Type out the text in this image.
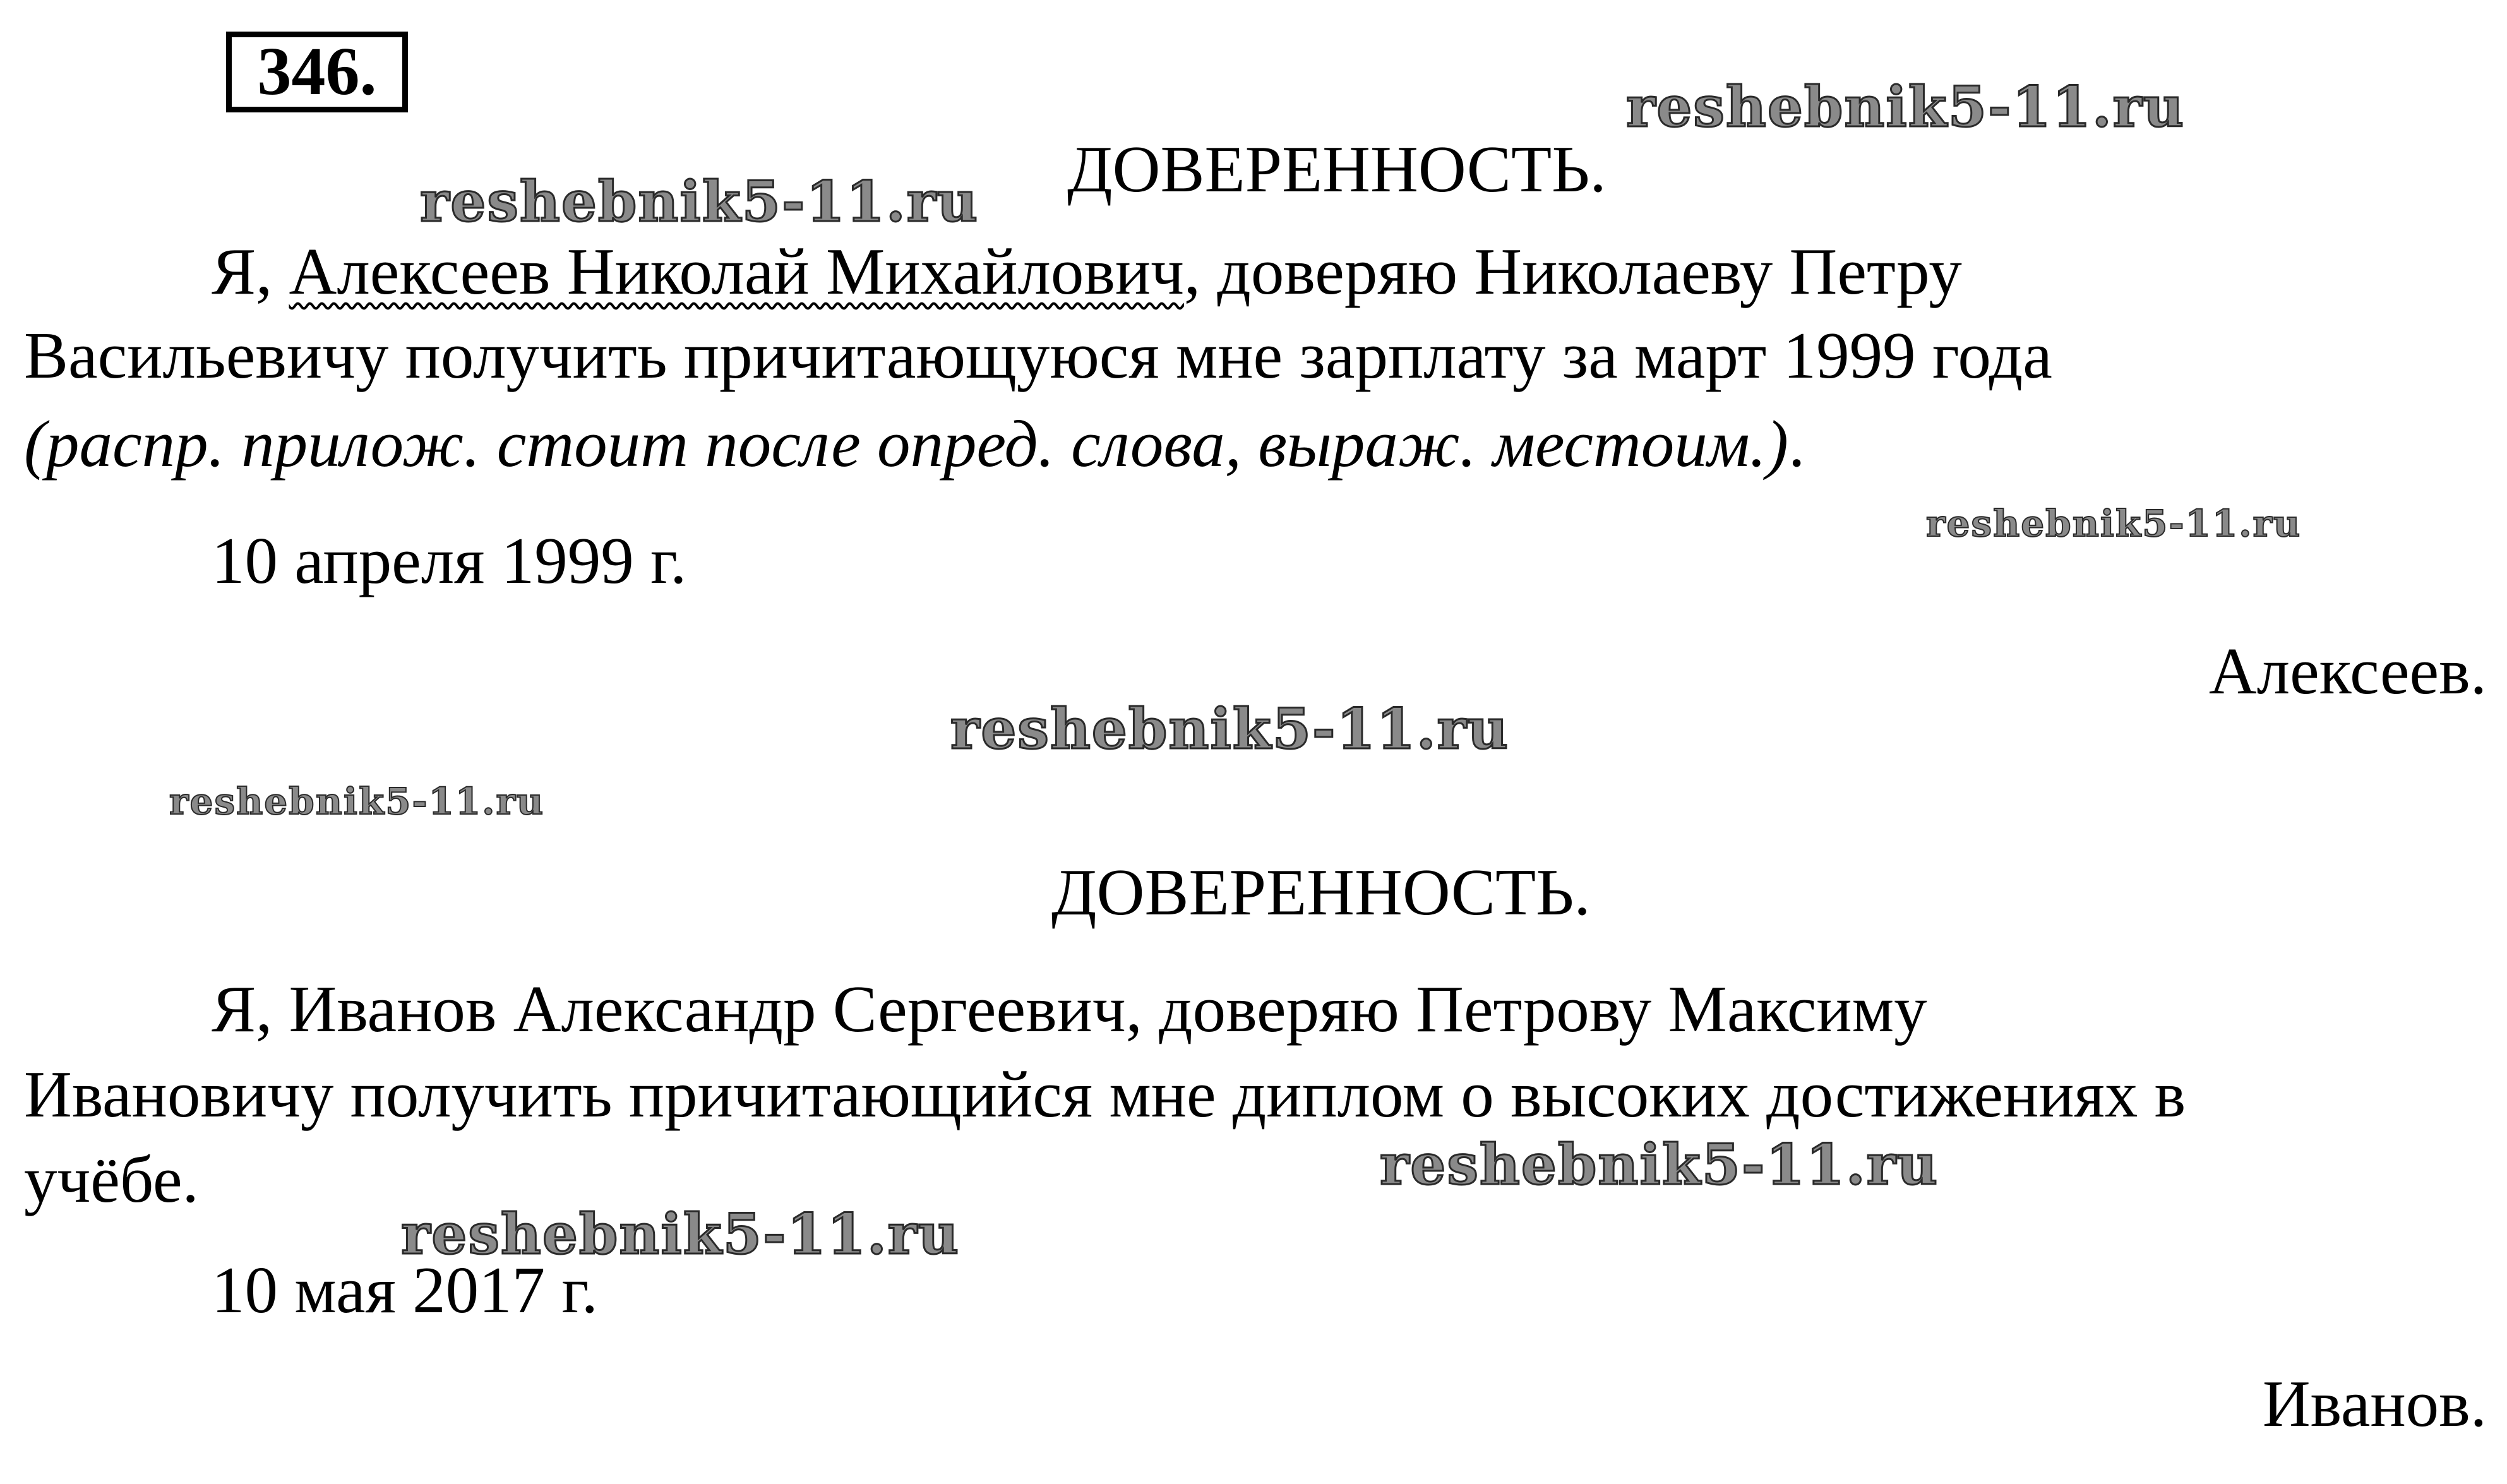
346.
ДОВЕРЕННОСТЬ.
Я, Алексеев Николай Михайлович, доверяю Николаеву Петру
Васильевичу получить причитающуюся мне зарплату за март 1999 года
(распр. прилож. стоит после опред. слова, выраж. местоим.).
10 апреля 1999 г.
Алексеев.
ДОВЕРЕННОСТЬ.
Я, Иванов Александр Сергеевич, доверяю Петрову Максиму
Ивановичу получить причитающийся мне диплом о высоких достижениях в
учёбе.
10 мая 2017 г.
Иванов.
reshebnik5-11.ru
reshebnik5-11.ru
reshebnik5-11.ru
reshebnik5-11.ru
reshebnik5-11.ru
reshebnik5-11.ru
reshebnik5-11.ru
